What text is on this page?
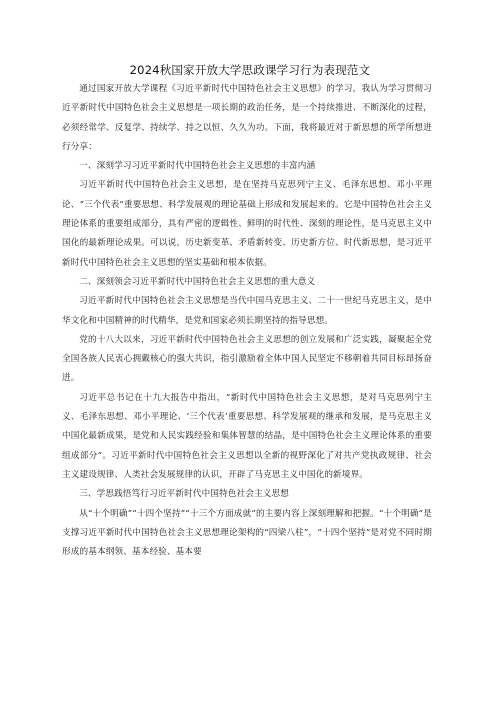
2024秋国家开放大学思政课学习行为表现范文

通过国家开放大学课程《习近平新时代中国特色社会主义思想》的学习，我认为学习贯彻习近平新时代中国特色社会主义思想是一项长期的政治任务，是一个持续推进、不断深化的过程，必须经常学、反复学、持续学、持之以恒、久久为功。下面，我将最近对于新思想的所学所想进行分享：

一、深刻学习习近平新时代中国特色社会主义思想的丰富内涵

习近平新时代中国特色社会主义思想，是在坚持马克思列宁主义、毛泽东思想、邓小平理论、“三个代表”重要思想、科学发展观的理论基础上形成和发展起来的。它是中国特色社会主义理论体系的重要组成部分，具有严密的逻辑性、鲜明的时代性、深刻的理论性，是马克思主义中国化的最新理论成果。可以说，历史新变革、矛盾新转变、历史新方位、时代新思想，是习近平新时代中国特色社会主义思想的坚实基础和根本依据。

二、深刻领会习近平新时代中国特色社会主义思想的重大意义

习近平新时代中国特色社会主义思想是当代中国马克思主义、二十一世纪马克思主义，是中华文化和中国精神的时代精华，是党和国家必须长期坚持的指导思想。

党的十八大以来，习近平新时代中国特色社会主义思想的创立发展和广泛实践，凝聚起全党全国各族人民衷心拥戴核心的强大共识，指引激励着全体中国人民坚定不移朝着共同目标昂扬奋进。

习近平总书记在十九大报告中指出，“新时代中国特色社会主义思想，是对马克思列宁主义、毛泽东思想、邓小平理论、‘三个代表’重要思想、科学发展观的继承和发展，是马克思主义中国化最新成果，是党和人民实践经验和集体智慧的结晶，是中国特色社会主义理论体系的重要组成部分”。习近平新时代中国特色社会主义思想以全新的视野深化了对共产党执政规律、社会主义建设规律、人类社会发展规律的认识，开辟了马克思主义中国化的新境界。

三、学思践悟笃行习近平新时代中国特色社会主义思想

从“十个明确”“十四个坚持”“十三个方面成就”的主要内容上深刻理解和把握。“十个明确”是支撑习近平新时代中国特色社会主义思想理论架构的“四梁八柱”，“十四个坚持”是对党不同时期形成的基本纲领、基本经验、基本要
